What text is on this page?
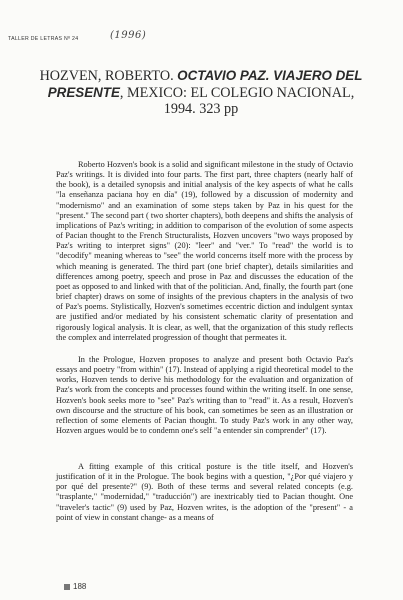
TALLER DE LETRAS Nº 24	(1996)
HOZVEN, ROBERTO. OCTAVIO PAZ. VIAJERO DEL
PRESENTE, MEXICO: EL COLEGIO NACIONAL,
1994. 323 pp

Roberto Hozven's book is a solid and significant milestone in the study of Octavio Paz's writings. It is divided into four parts. The first part, three chapters (nearly half of the book), is a detailed synopsis and initial analysis of the key aspects of what he calls "la enseñanza paciana hoy en día" (19), followed by a discussion of modernity and "modernismo" and an examination of some steps taken by Paz in his quest for the "present." The second part ( two shorter chapters), both deepens and shifts the analysis of implications of Paz's writing; in addition to comparison of the evolution of some aspects of Pacian thought to the French Structuralists, Hozven uncovers "two ways proposed by Paz's writing to interpret signs" (20): "leer" and "ver." To "read" the world is to "decodify" meaning whereas to "see" the world concerns itself more with the process by which meaning is generated. The third part (one brief chapter), details similarities and differences among poetry, speech and prose in Paz and discusses the education of the poet as opposed to and linked with that of the politician. And, finally, the fourth part (one brief chapter) draws on some of insights of the previous chapters in the analysis of two of Paz's poems. Stylistically, Hozven's sometimes eccentric diction and indulgent syntax are justified and/or mediated by his consistent schematic clarity of presentation and rigorously logical analysis. It is clear, as well, that the organization of this study reflects the complex and interrelated progression of thought that permeates it.

In the Prologue, Hozven proposes to analyze and present both Octavio Paz's essays and poetry "from within" (17). Instead of applying a rigid theoretical model to the works, Hozven tends to derive his methodology for the evaluation and organization of Paz's work from the concepts and processes found within the writing itself. In one sense, Hozven's book seeks more to "see" Paz's writing than to "read" it. As a result, Hozven's own discourse and the structure of his book, can sometimes be seen as an illustration or reflection of some elements of Pacian thought. To study Paz's work in any other way, Hozven argues would be to condemn one's self "a entender sin comprender" (17).

A fitting example of this critical posture is the title itself, and Hozven's justification of it in the Prologue. The book begins with a question, "¿Por qué viajero y por qué del presente?" (9). Both of these terms and several related concepts (e.g. "trasplante," "modernidad," "traducción") are inextricably tied to Pacian thought. One "traveler's tactic" (9) used by Paz, Hozven writes, is the adoption of the "present" - a point of view in constant change- as a means of

188
